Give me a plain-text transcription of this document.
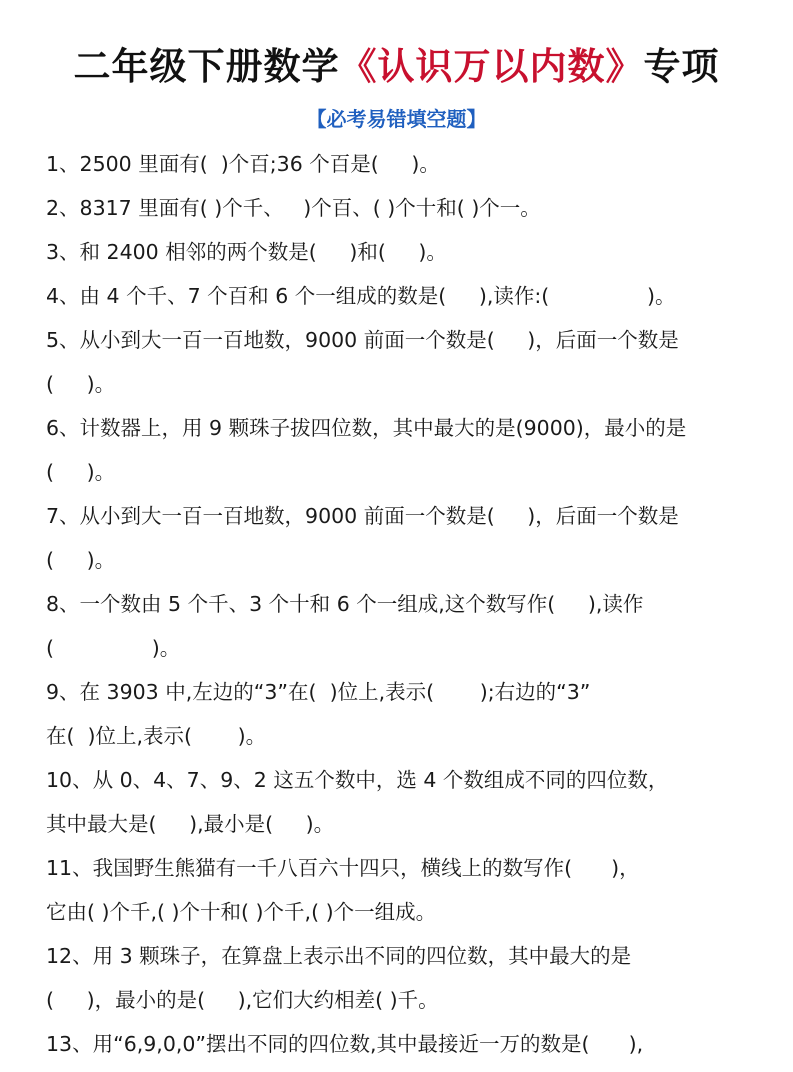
二年级下册数学《认识万以内数》专项
【必考易错填空题】
1、2500 里面有(  )个百;36 个百是(     )。
2、8317 里面有( )个千、   )个百、( )个十和( )个一。
3、和 2400 相邻的两个数是(     )和(     )。
4、由 4 个千、7 个百和 6 个一组成的数是(     ),读作:(               )。
5、从小到大一百一百地数，9000 前面一个数是(     )，后面一个数是
(     )。
6、计数器上，用 9 颗珠子拔四位数，其中最大的是(9000)，最小的是
(     )。
7、从小到大一百一百地数，9000 前面一个数是(     )，后面一个数是
(     )。
8、一个数由 5 个千、3 个十和 6 个一组成,这个数写作(     ),读作
(               )。
9、在 3903 中,左边的“3”在(  )位上,表示(       );右边的“3”
在(  )位上,表示(       )。
10、从 0、4、7、9、2 这五个数中，选 4 个数组成不同的四位数，
其中最大是(     ),最小是(     )。
11、我国野生熊猫有一千八百六十四只，横线上的数写作(      )，
它由( )个千,( )个十和( )个千,( )个一组成。
12、用 3 颗珠子，在算盘上表示出不同的四位数，其中最大的是
(     )，最小的是(     ),它们大约相差( )千。
13、用“6,9,0,0”摆出不同的四位数,其中最接近一万的数是(      ),
